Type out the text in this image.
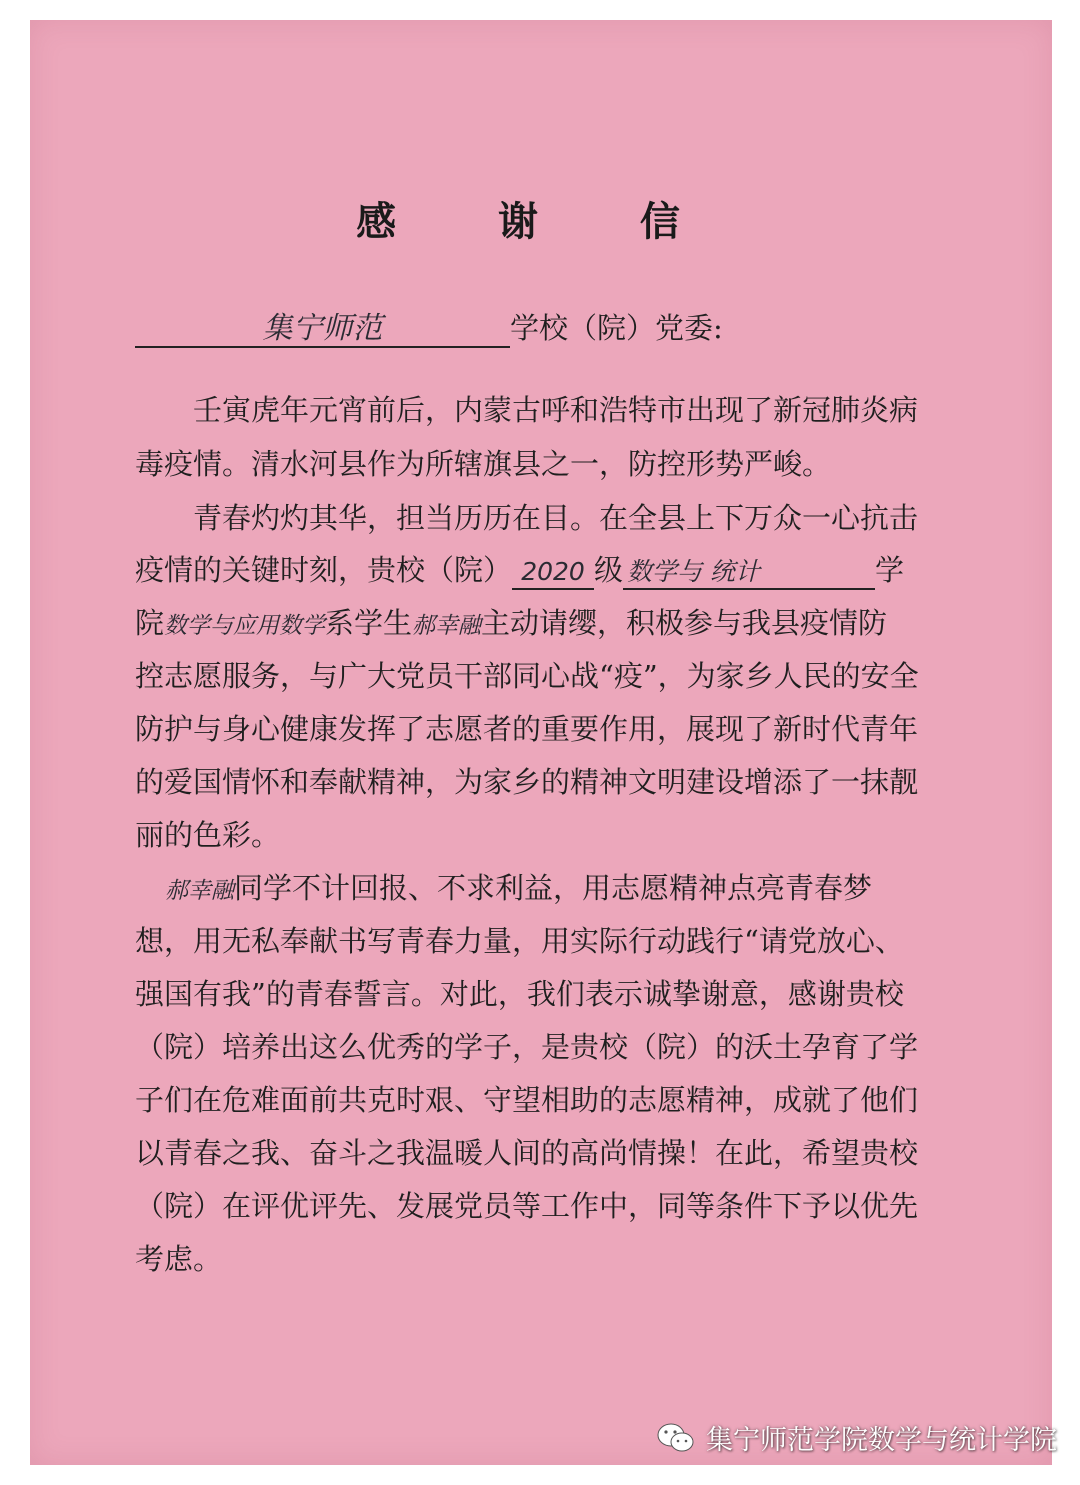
感 谢 信
集宁师范	学校（院）党委:
壬寅虎年元宵前后，内蒙古呼和浩特市出现了新冠肺炎病
毒疫情。清水河县作为所辖旗县之一，防控形势严峻。
青春灼灼其华，担当历历在目。在全县上下万众一心抗击
疫情的关键时刻，贵校（院） 2020 级 数学与 统计	学
院数学与应用数学系学生郝幸融主动请缨，积极参与我县疫情防
控志愿服务，与广大党员干部同心战“疫”，为家乡人民的安全
防护与身心健康发挥了志愿者的重要作用，展现了新时代青年
的爱国情怀和奉献精神，为家乡的精神文明建设增添了一抹靓
丽的色彩。
郝幸融同学不计回报、不求利益，用志愿精神点亮青春梦
想，用无私奉献书写青春力量，用实际行动践行“请党放心、
强国有我”的青春誓言。对此，我们表示诚挚谢意，感谢贵校
（院）培养出这么优秀的学子，是贵校（院）的沃土孕育了学
子们在危难面前共克时艰、守望相助的志愿精神，成就了他们
以青春之我、奋斗之我温暖人间的高尚情操！在此，希望贵校
（院）在评优评先、发展党员等工作中，同等条件下予以优先
考虑。
集宁师范学院数学与统计学院
